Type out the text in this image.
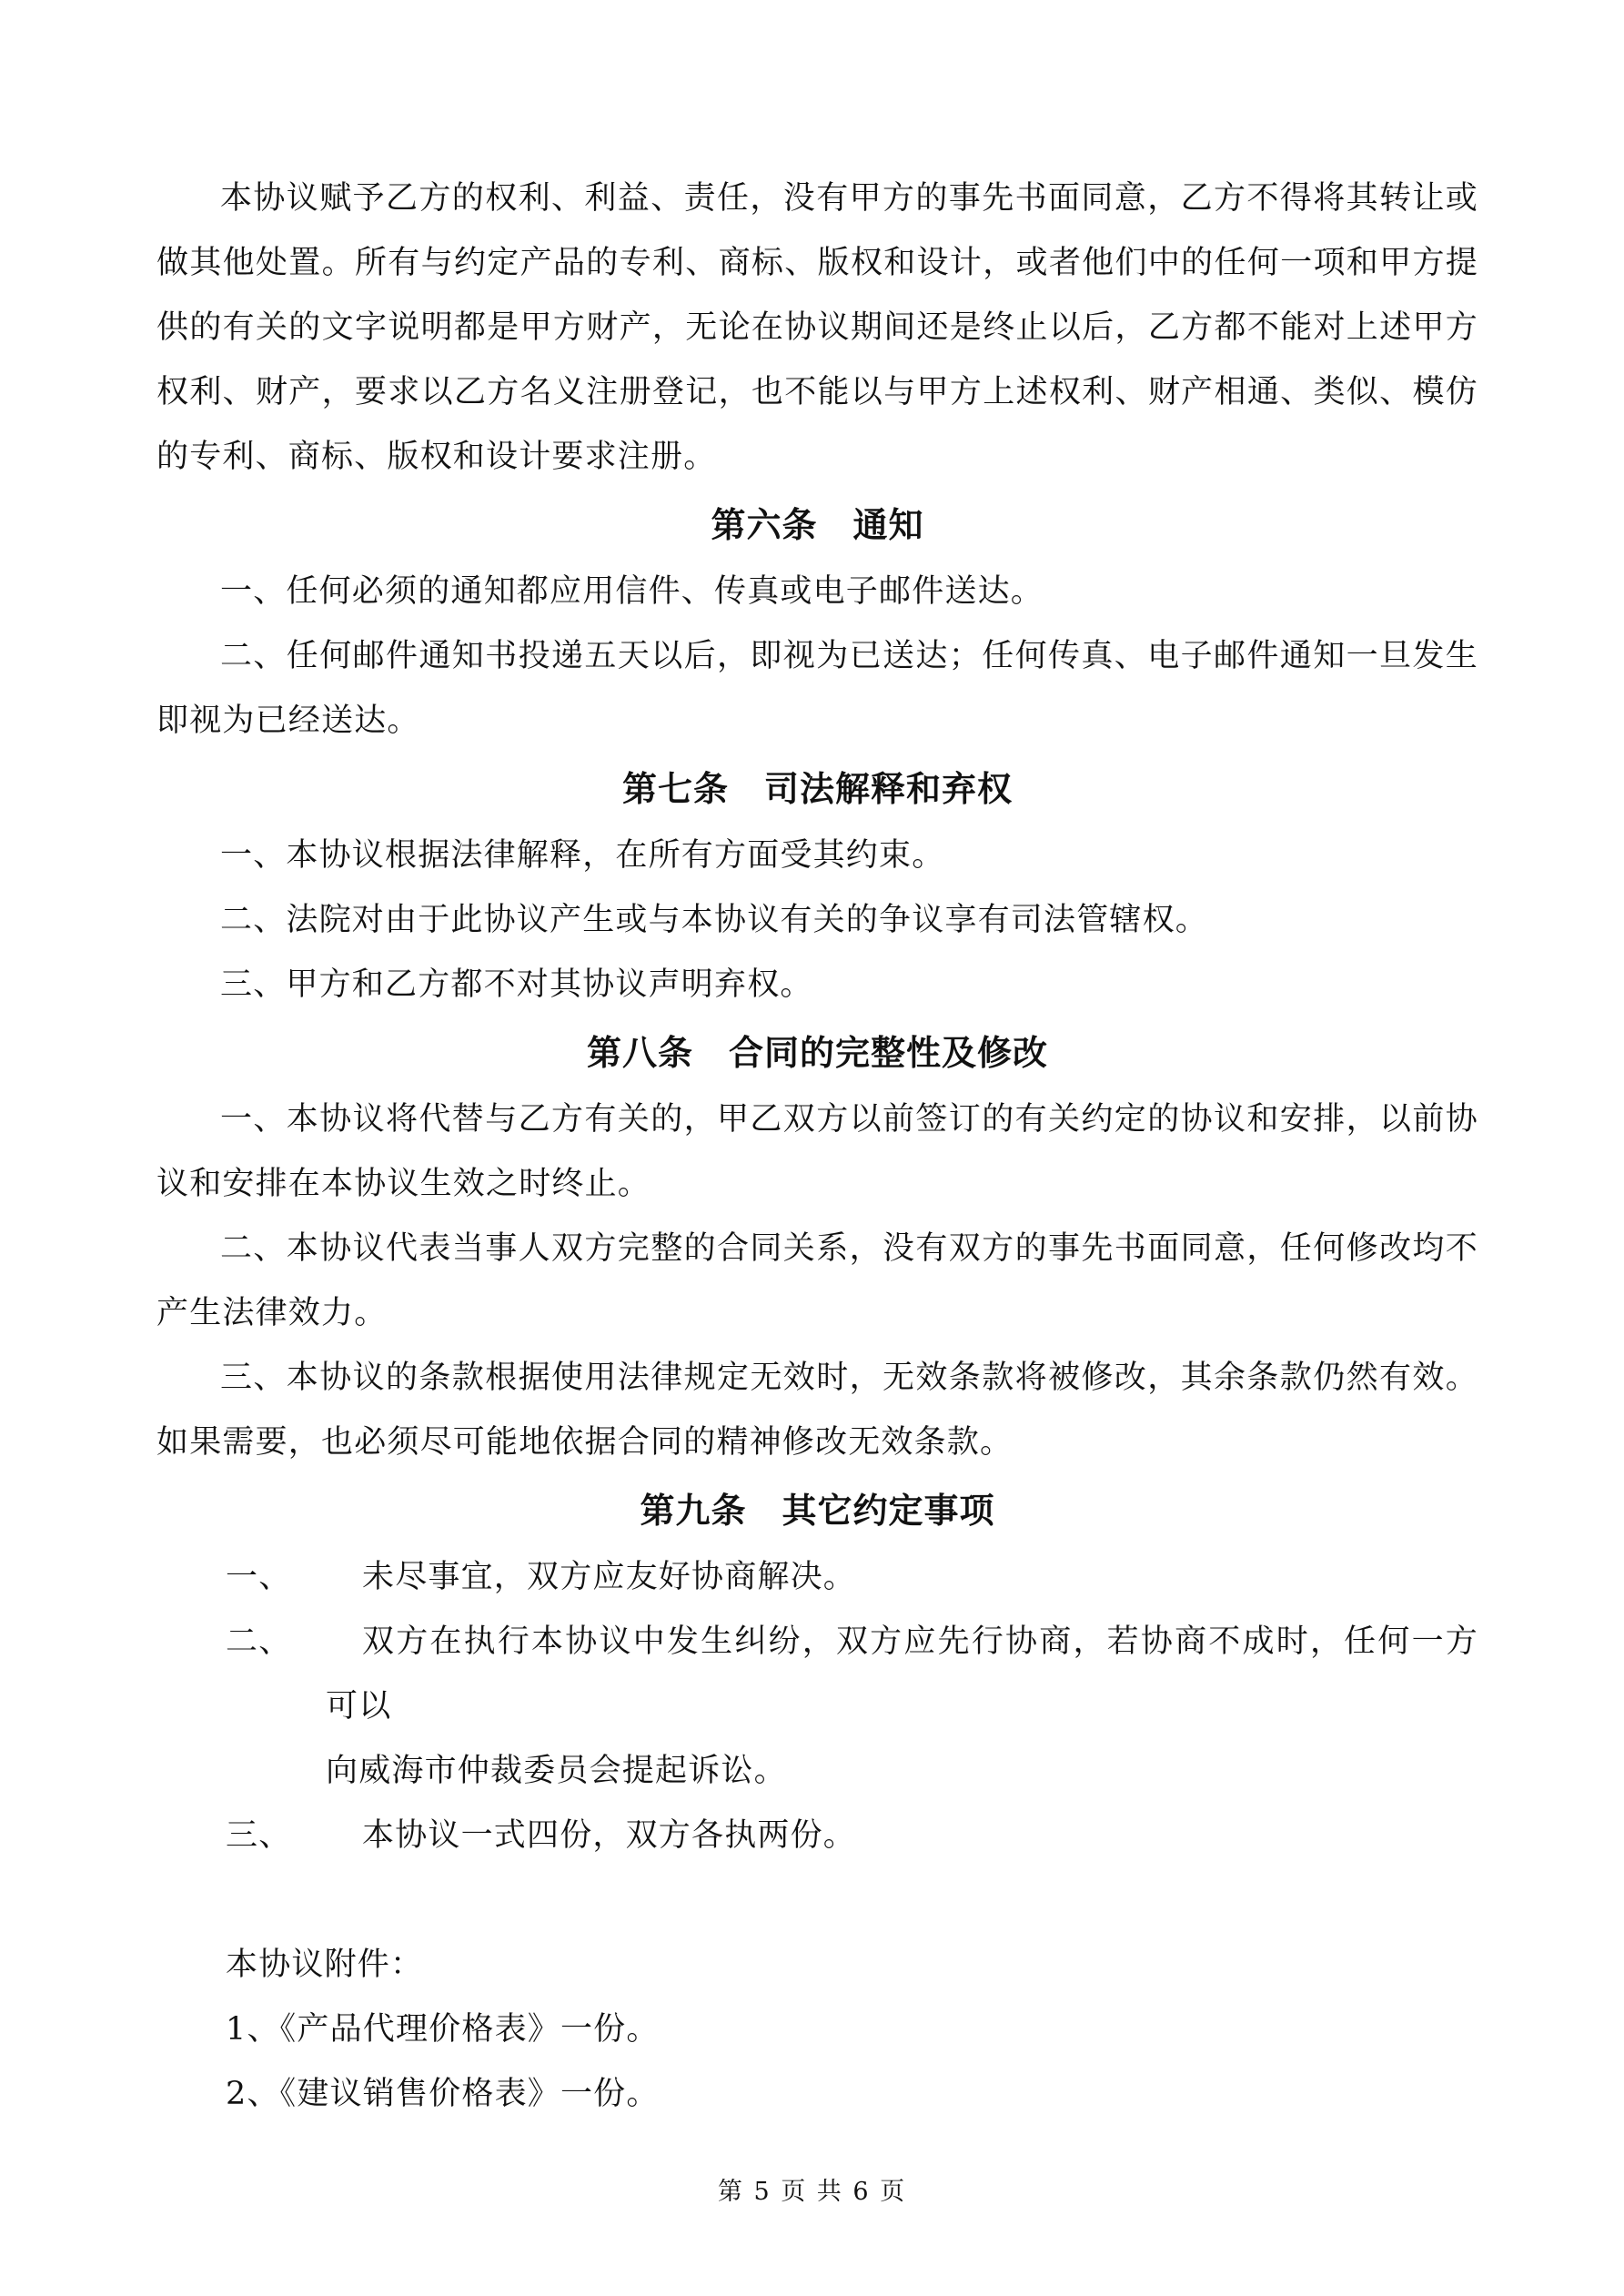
本协议赋予乙方的权利、利益、责任，没有甲方的事先书面同意，乙方不得将其转让或做其他处置。所有与约定产品的专利、商标、版权和设计，或者他们中的任何一项和甲方提供的有关的文字说明都是甲方财产，无论在协议期间还是终止以后，乙方都不能对上述甲方权利、财产，要求以乙方名义注册登记，也不能以与甲方上述权利、财产相通、类似、模仿的专利、商标、版权和设计要求注册。

第六条　通知

一、任何必须的通知都应用信件、传真或电子邮件送达。

二、任何邮件通知书投递五天以后，即视为已送达；任何传真、电子邮件通知一旦发生即视为已经送达。

第七条　司法解释和弃权

一、本协议根据法律解释，在所有方面受其约束。

二、法院对由于此协议产生或与本协议有关的争议享有司法管辖权。

三、甲方和乙方都不对其协议声明弃权。

第八条　合同的完整性及修改

一、本协议将代替与乙方有关的，甲乙双方以前签订的有关约定的协议和安排，以前协议和安排在本协议生效之时终止。

二、本协议代表当事人双方完整的合同关系，没有双方的事先书面同意，任何修改均不产生法律效力。

三、本协议的条款根据使用法律规定无效时，无效条款将被修改，其余条款仍然有效。如果需要，也必须尽可能地依据合同的精神修改无效条款。

第九条　其它约定事项
一、	未尽事宜，双方应友好协商解决。
二、	双方在执行本协议中发生纠纷，双方应先行协商，若协商不成时，任何一方可以
向威海市仲裁委员会提起诉讼。
三、	本协议一式四份，双方各执两份。

本协议附件：

1、《产品代理价格表》一份。

2、《建议销售价格表》一份。

第 5 页 共 6 页
